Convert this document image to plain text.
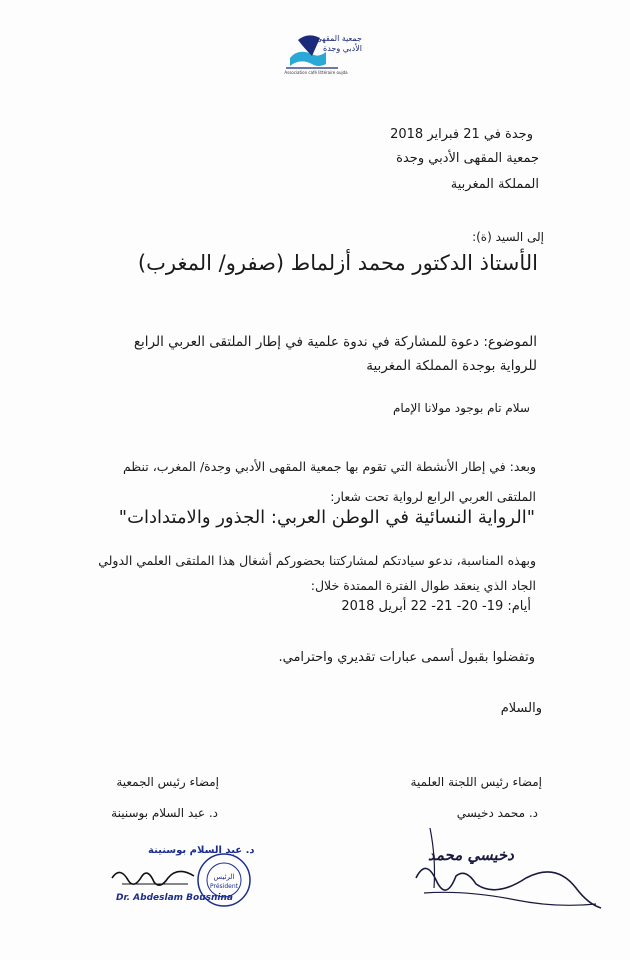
جمعية المقهى الأدبي وجدة
Association café littéraire oujda
وجدة في 21 فبراير 2018
جمعية المقهى الأدبي وجدة
المملكة المغربية
إلى السيد (ة):
الأستاذ الدكتور محمد أزلماط (صفرو/ المغرب)
الموضوع: دعوة للمشاركة في ندوة علمية في إطار الملتقى العربي الرابع للرواية بوجدة المملكة المغربية
سلام تام بوجود مولانا الإمام
وبعد: في إطار الأنشطة التي تقوم بها جمعية المقهى الأدبي وجدة/ المغرب، تنظم الملتقى العربي الرابع لرواية تحت شعار:
"الرواية النسائية في الوطن العربي: الجذور والامتدادات"
وبهذه المناسبة، ندعو سيادتكم لمشاركتنا بحضوركم أشغال هذا الملتقى العلمي الدولي الجاد الذي ينعقد طوال الفترة الممتدة خلال:
أيام: 19- 20- 21- 22 أبريل 2018
وتفضلوا بقبول أسمى عبارات تقديري واحترامي.
والسلام
إمضاء رئيس اللجنة العلمية
د. محمد دخيسي
دخيسي محمد
إمضاء رئيس الجمعية
د. عبد السلام بوسنينة
د. عبد السلام بوسنينة
الرئيس
Président
Dr. Abdeslam Bousnina
